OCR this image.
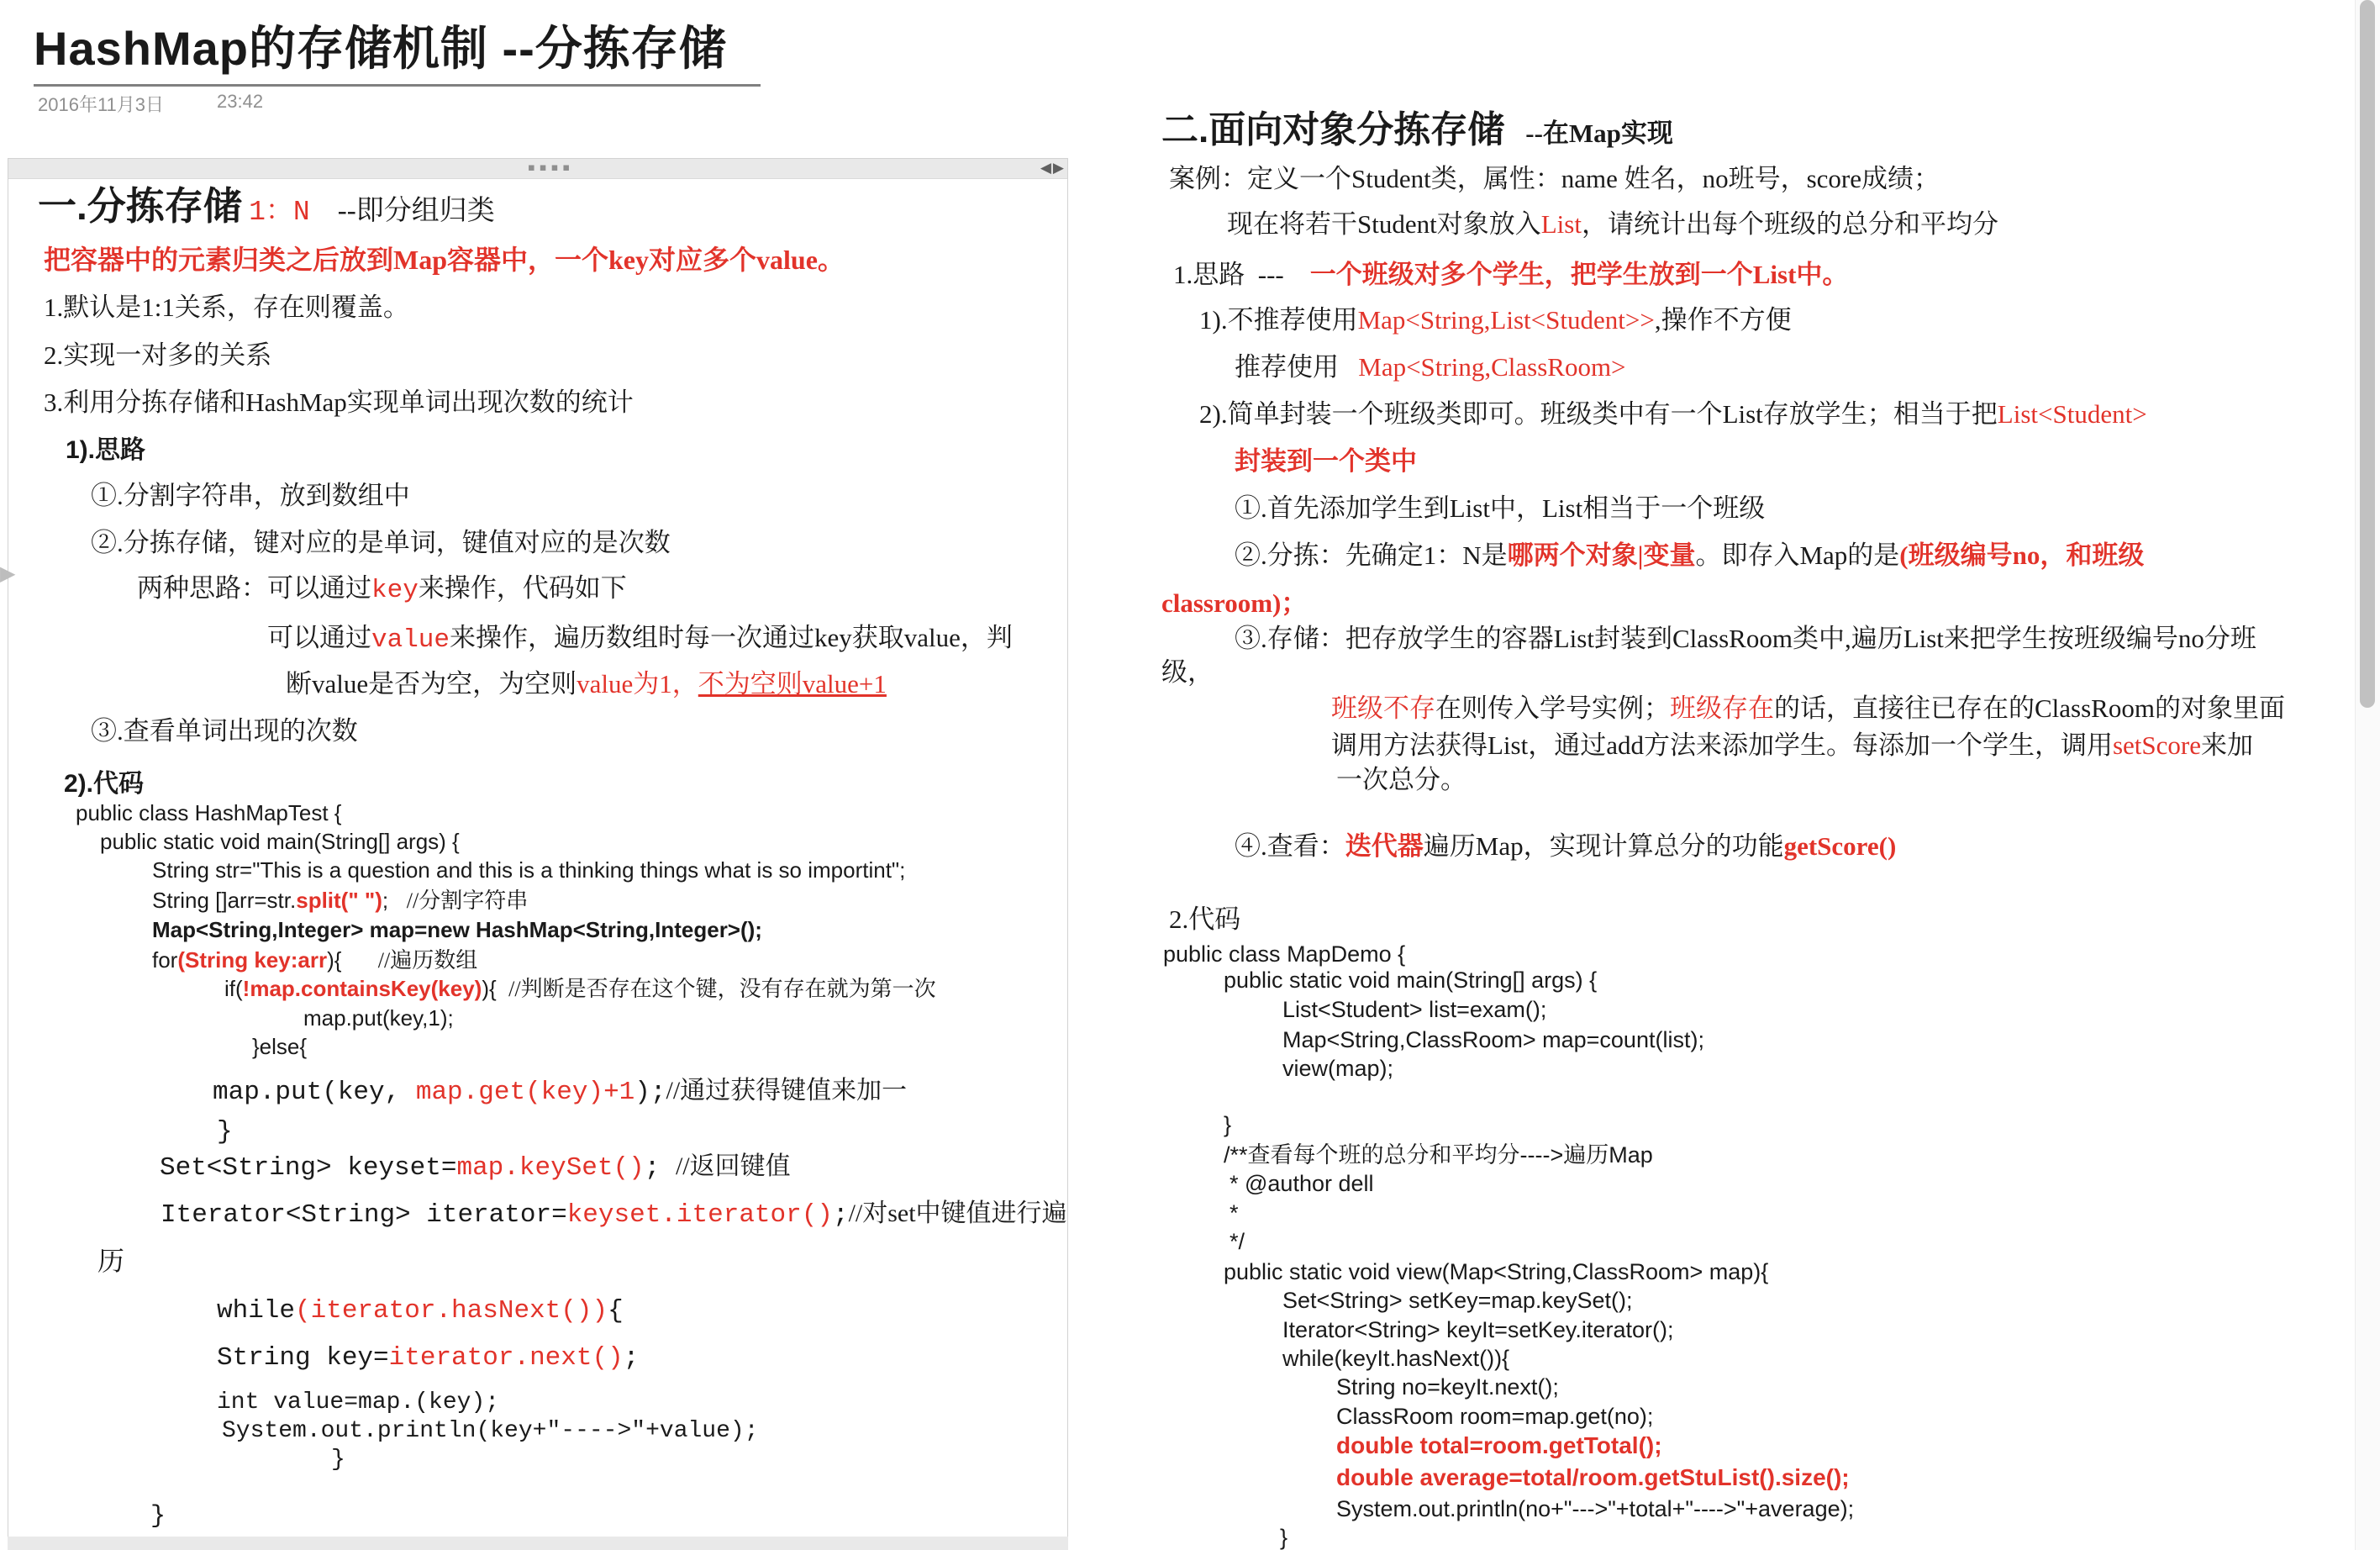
HashMap的存储机制 --分拣存储
2016年11月3日	23:42
▪▪▪▪	◀ ▶
▶
一.分拣存储 1：N    --即分组归类
把容器中的元素归类之后放到Map容器中，一个key对应多个value。
1.默认是1:1关系，存在则覆盖。
2.实现一对多的关系
3.利用分拣存储和HashMap实现单词出现次数的统计
1).思路
①.分割字符串，放到数组中
②.分拣存储，键对应的是单词，键值对应的是次数
两种思路：可以通过key来操作，代码如下
可以通过value来操作，遍历数组时每一次通过key获取value，判
断value是否为空，为空则value为1，不为空则value+1
③.查看单词出现的次数
2).代码
public class HashMapTest {
public static void main(String[] args) {
String str="This is a question and this is a thinking things what is so importint";
String []arr=str.split(" ");   //分割字符串
Map<String,Integer> map=new HashMap<String,Integer>();
for(String key:arr){      //遍历数组
if(!map.containsKey(key)){  //判断是否存在这个键，没有存在就为第一次
map.put(key,1);
}else{
map.put(key, map.get(key)+1);//通过获得键值来加一
}
Set<String> keyset=map.keySet(); //返回键值
Iterator<String> iterator=keyset.iterator();//对set中键值进行遍
历
while(iterator.hasNext()){
String key=iterator.next();
int value=map.(key);
System.out.println(key+"---->"+value);
}
}
二.面向对象分拣存储 --在Map实现
案例：定义一个Student类，属性：name 姓名，no班号，score成绩；
现在将若干Student对象放入List，请统计出每个班级的总分和平均分
1.思路  ---    一个班级对多个学生，把学生放到一个List中。
1).不推荐使用Map<String,List<Student>>,操作不方便
推荐使用   Map<String,ClassRoom>
2).简单封装一个班级类即可。班级类中有一个List存放学生；相当于把List<Student>
封装到一个类中
①.首先添加学生到List中，List相当于一个班级
②.分拣：先确定1：N是哪两个对象|变量。即存入Map的是(班级编号no，和班级
classroom)；
③.存储：把存放学生的容器List封装到ClassRoom类中,遍历List来把学生按班级编号no分班
级，
班级不存在则传入学号实例；班级存在的话，直接往已存在的ClassRoom的对象里面
调用方法获得List，通过add方法来添加学生。每添加一个学生，调用setScore来加
一次总分。
④.查看：迭代器遍历Map，实现计算总分的功能getScore()
2.代码
public class MapDemo {
public static void main(String[] args) {
List<Student> list=exam();
Map<String,ClassRoom> map=count(list);
view(map);
}
/**查看每个班的总分和平均分---->遍历Map
* @author dell
*
*/
public static void view(Map<String,ClassRoom> map){
Set<String> setKey=map.keySet();
Iterator<String> keyIt=setKey.iterator();
while(keyIt.hasNext()){
String no=keyIt.next();
ClassRoom room=map.get(no);
double total=room.getTotal();
double average=total/room.getStuList().size();
System.out.println(no+"--->"+total+"---->"+average);
}
